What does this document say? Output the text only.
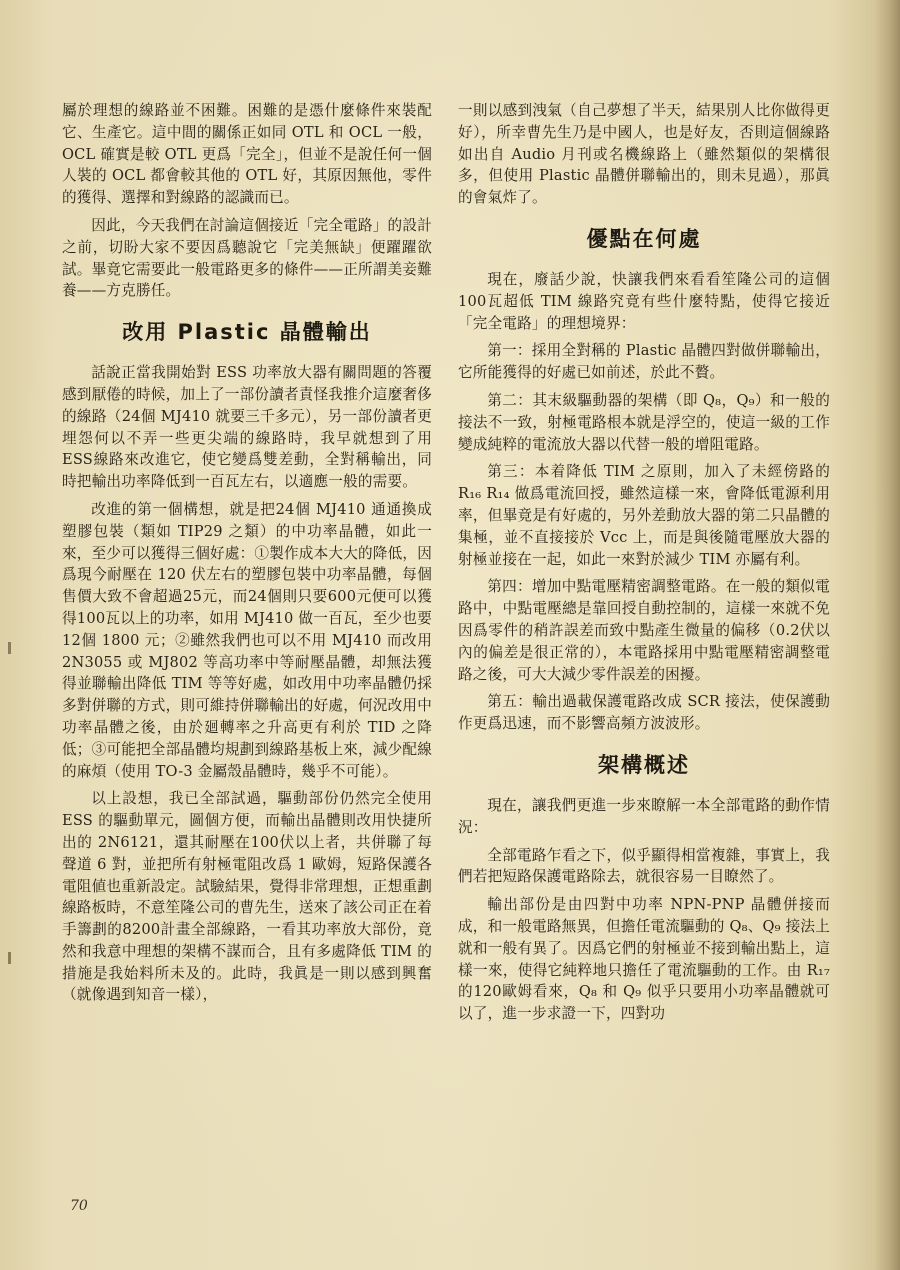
屬於理想的線路並不困難。困難的是憑什麼條件來裝配它、生產它。這中間的關係正如同 OTL 和 OCL 一般，OCL 確實是較 OTL 更爲「完全」，但並不是說任何一個人裝的 OCL 都會較其他的 OTL 好，其原因無他，零件的獲得、選擇和對線路的認識而已。

因此，今天我們在討論這個接近「完全電路」的設計之前，切盼大家不要因爲聽說它「完美無缺」便躍躍欲試。畢竟它需要此一般電路更多的條件——正所謂美妾難養——方克勝任。

改用 Plastic 晶體輸出

話說正當我開始對 ESS 功率放大器有關問題的答覆感到厭倦的時候，加上了一部份讀者責怪我推介這麼奢侈的線路（24個 MJ410 就要三千多元），另一部份讀者更埋怨何以不弄一些更尖端的線路時，我早就想到了用ESS線路來改進它，使它變爲雙差動，全對稱輸出，同時把輸出功率降低到一百瓦左右，以適應一般的需要。

改進的第一個構想，就是把24個 MJ410 通通換成塑膠包裝（類如 TIP29 之類）的中功率晶體，如此一來，至少可以獲得三個好處：①製作成本大大的降低，因爲現今耐壓在 120 伏左右的塑膠包裝中功率晶體，每個售價大致不會超過25元，而24個則只要600元便可以獲得100瓦以上的功率，如用 MJ410 做一百瓦，至少也要12個 1800 元；②雖然我們也可以不用 MJ410 而改用 2N3055 或 MJ802 等高功率中等耐壓晶體，却無法獲得並聯輸出降低 TIM 等等好處，如改用中功率晶體仍採多對併聯的方式，則可維持併聯輸出的好處，何況改用中功率晶體之後，由於廻轉率之升高更有利於 TID 之降低；③可能把全部晶體均規劃到線路基板上來，減少配線的麻煩（使用 TO-3 金屬殼晶體時，幾乎不可能）。

以上設想，我已全部試過，驅動部份仍然完全使用 ESS 的驅動單元，圖個方便，而輸出晶體則改用快捷所出的 2N6121，還其耐壓在100伏以上者，共併聯了每聲道 6 對，並把所有射極電阻改爲 1 歐姆，短路保護各電阻値也重新設定。試驗結果，覺得非常理想，正想重劃線路板時，不意笙隆公司的曹先生，送來了該公司正在着手籌劃的8200計畫全部線路，一看其功率放大部份，竟然和我意中理想的架構不謀而合，且有多處降低 TIM 的措施是我始料所未及的。此時，我眞是一則以感到興奮（就像遇到知音一樣），

一則以感到洩氣（自己夢想了半天，結果別人比你做得更好），所幸曹先生乃是中國人，也是好友，否則這個線路如出自 Audio 月刊或名機線路上（雖然類似的架構很多，但使用 Plastic 晶體併聯輸出的，則未見過），那眞的會氣炸了。

優點在何處

現在，廢話少說，快讓我們來看看笙隆公司的這個100瓦超低 TIM 線路究竟有些什麼特點，使得它接近「完全電路」的理想境界：

第一：採用全對稱的 Plastic 晶體四對做併聯輸出，它所能獲得的好處已如前述，於此不贅。

第二：其末級驅動器的架構（即 Q₈，Q₉）和一般的接法不一致，射極電路根本就是浮空的，使這一級的工作變成純粹的電流放大器以代替一般的增阻電路。

第三：本着降低 TIM 之原則，加入了未經傍路的 R₁₆ R₁₄ 做爲電流回授，雖然這樣一來，會降低電源利用率，但畢竟是有好處的，另外差動放大器的第二只晶體的集極，並不直接接於 Vcc 上，而是與後隨電壓放大器的射極並接在一起，如此一來對於減少 TIM 亦屬有利。

第四：增加中點電壓精密調整電路。在一般的類似電路中，中點電壓總是靠回授自動控制的，這樣一來就不免因爲零件的稍許誤差而致中點產生微量的偏移（0.2伏以內的偏差是很正常的），本電路採用中點電壓精密調整電路之後，可大大減少零件誤差的困擾。

第五：輸出過載保護電路改成 SCR 接法，使保護動作更爲迅速，而不影響高頻方波波形。

架構概述

現在，讓我們更進一步來瞭解一本全部電路的動作情況：

全部電路乍看之下，似乎顯得相當複雜，事實上，我們若把短路保護電路除去，就很容易一目瞭然了。

輸出部份是由四對中功率 NPN-PNP 晶體併接而成，和一般電路無異，但擔任電流驅動的 Q₈、Q₉ 接法上就和一般有異了。因爲它們的射極並不接到輸出點上，這樣一來，使得它純粹地只擔任了電流驅動的工作。由 R₁₇ 的120歐姆看來，Q₈ 和 Q₉ 似乎只要用小功率晶體就可以了，進一步求證一下，四對功

70
